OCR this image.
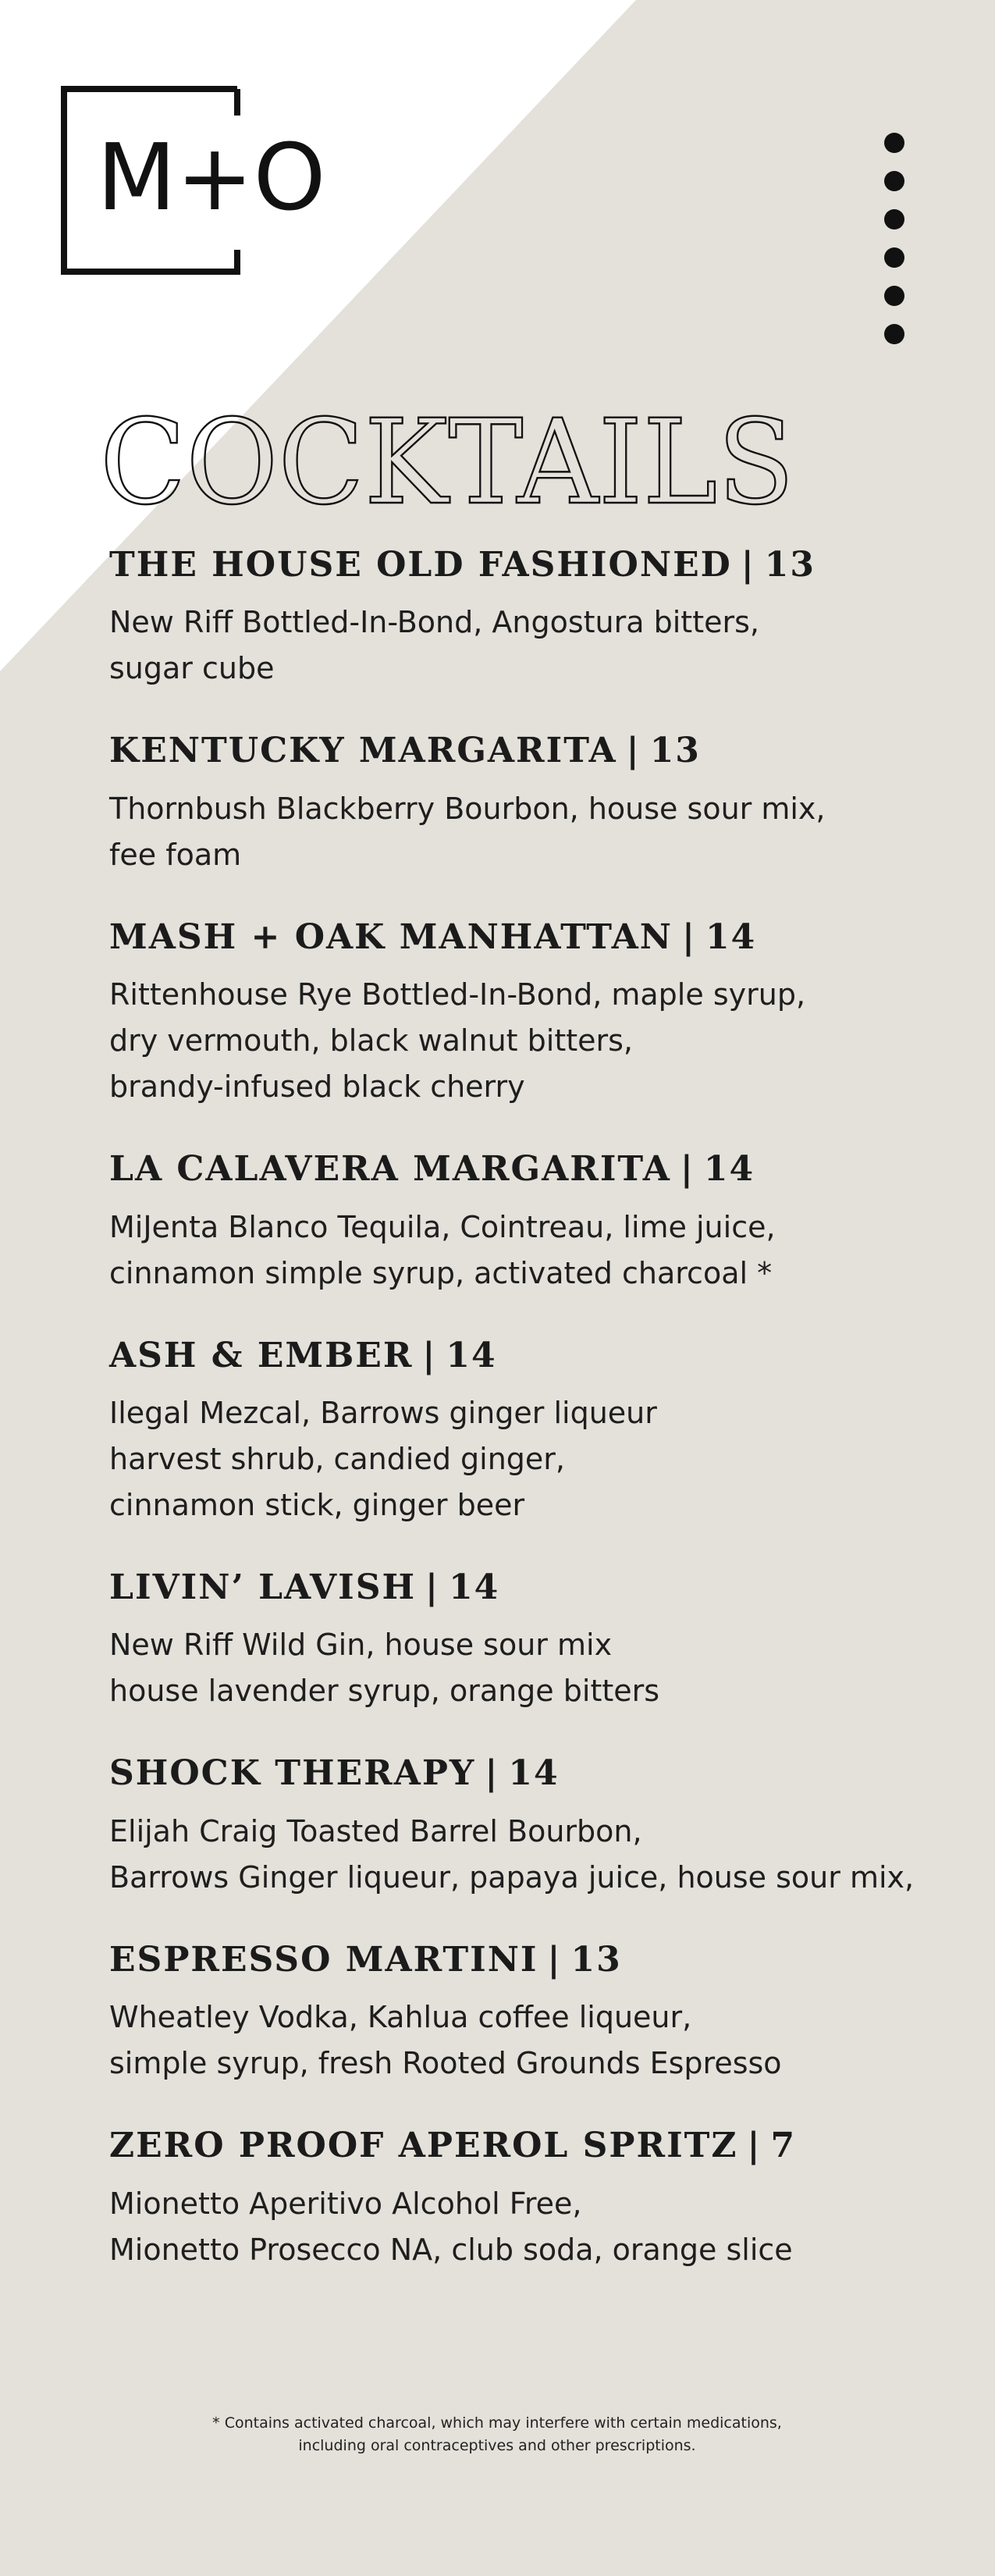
M+O
COCKTAILS
THE HOUSE OLD FASHIONED | 13
New Riff Bottled-In-Bond, Angostura bitters,
sugar cube
KENTUCKY MARGARITA | 13
Thornbush Blackberry Bourbon, house sour mix,
fee foam
MASH + OAK MANHATTAN | 14
Rittenhouse Rye Bottled-In-Bond, maple syrup,
dry vermouth, black walnut bitters,
brandy-infused black cherry
LA CALAVERA MARGARITA | 14
MiJenta Blanco Tequila, Cointreau, lime juice,
cinnamon simple syrup, activated charcoal *
ASH & EMBER | 14
Ilegal Mezcal, Barrows ginger liqueur
harvest shrub, candied ginger,
cinnamon stick, ginger beer
LIVIN’ LAVISH | 14
New Riff Wild Gin, house sour mix
house lavender syrup, orange bitters
SHOCK THERAPY | 14
Elijah Craig Toasted Barrel Bourbon,
Barrows Ginger liqueur, papaya juice, house sour mix,
ESPRESSO MARTINI | 13
Wheatley Vodka, Kahlua coffee liqueur,
simple syrup, fresh Rooted Grounds Espresso
ZERO PROOF APEROL SPRITZ | 7
Mionetto Aperitivo Alcohol Free,
Mionetto Prosecco NA, club soda, orange slice
* Contains activated charcoal, which may interfere with certain medications,
including oral contraceptives and other prescriptions.
